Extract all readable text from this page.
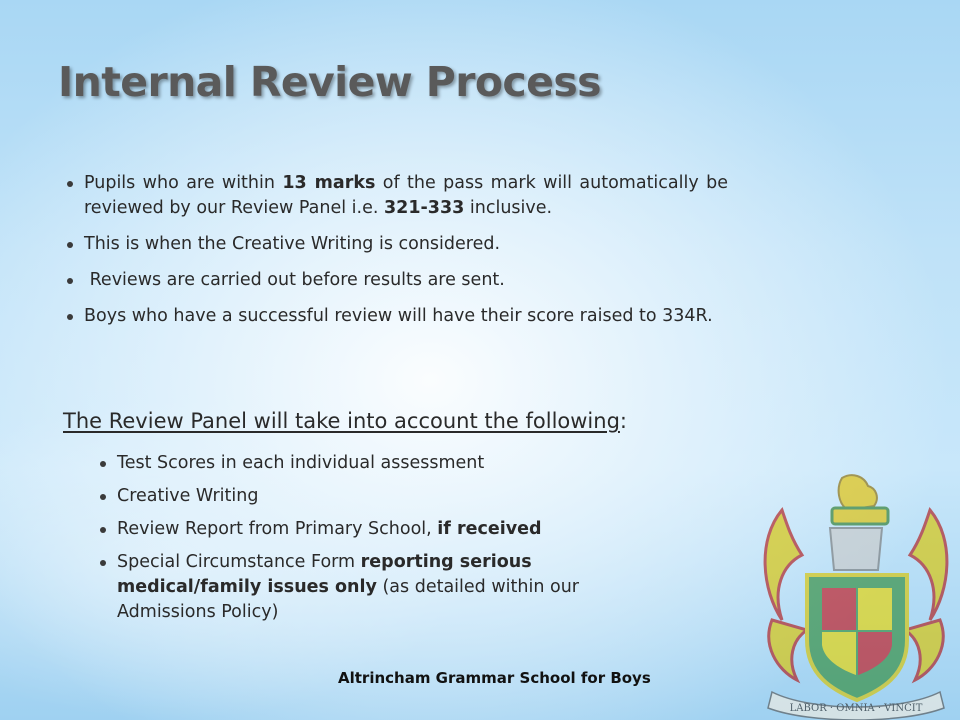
Internal Review Process
Pupils who are within 13 marks of the pass mark will automatically be reviewed by our Review Panel i.e. 321-333 inclusive.
This is when the Creative Writing is considered.
Reviews are carried out before results are sent.
Boys who have a successful review will have their score raised to 334R.

The Review Panel will take into account the following:

Test Scores in each individual assessment
Creative Writing
Review Report from Primary School, if received
Special Circumstance Form reporting serious medical/family issues only (as detailed within our Admissions Policy)
LABOR · OMNIA · VINCIT

Altrincham Grammar School for Boys
